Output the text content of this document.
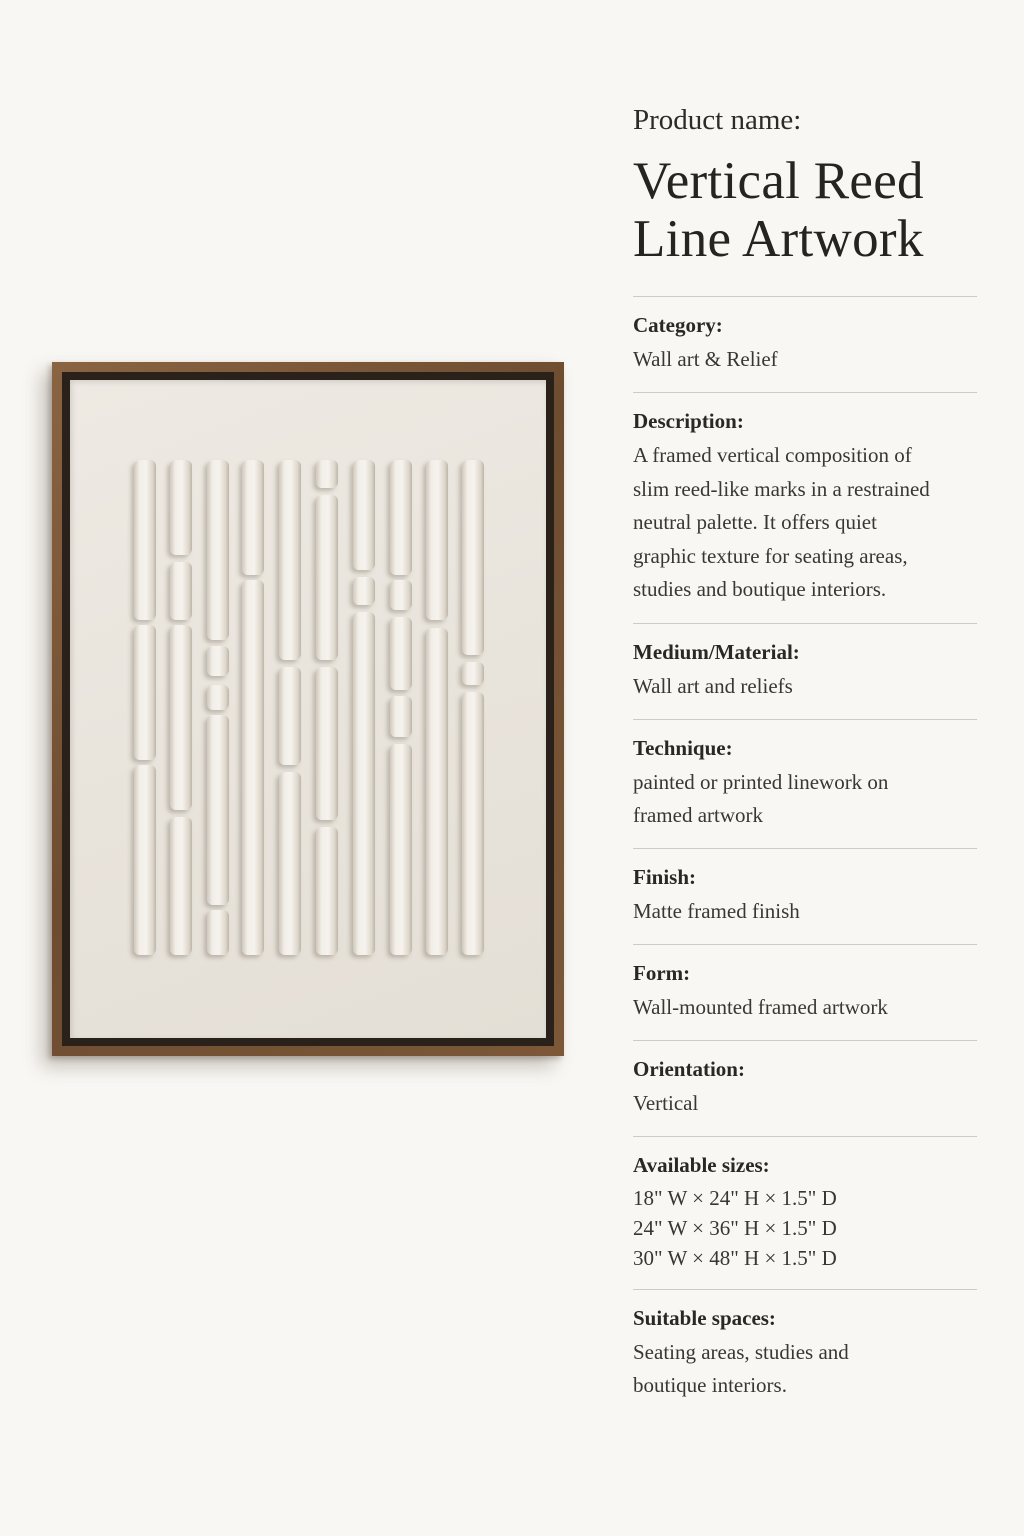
Product name:
Vertical Reed
Line Artwork
Category:
Wall art & Relief
Description:
A framed vertical composition of
slim reed-like marks in a restrained
neutral palette. It offers quiet
graphic texture for seating areas,
studies and boutique interiors.
Medium/Material:
Wall art and reliefs
Technique:
painted or printed linework on
framed artwork
Finish:
Matte framed finish
Form:
Wall-mounted framed artwork
Orientation:
Vertical
Available sizes:
18" W × 24" H × 1.5" D
24" W × 36" H × 1.5" D
30" W × 48" H × 1.5" D
Suitable spaces:
Seating areas, studies and
boutique interiors.
